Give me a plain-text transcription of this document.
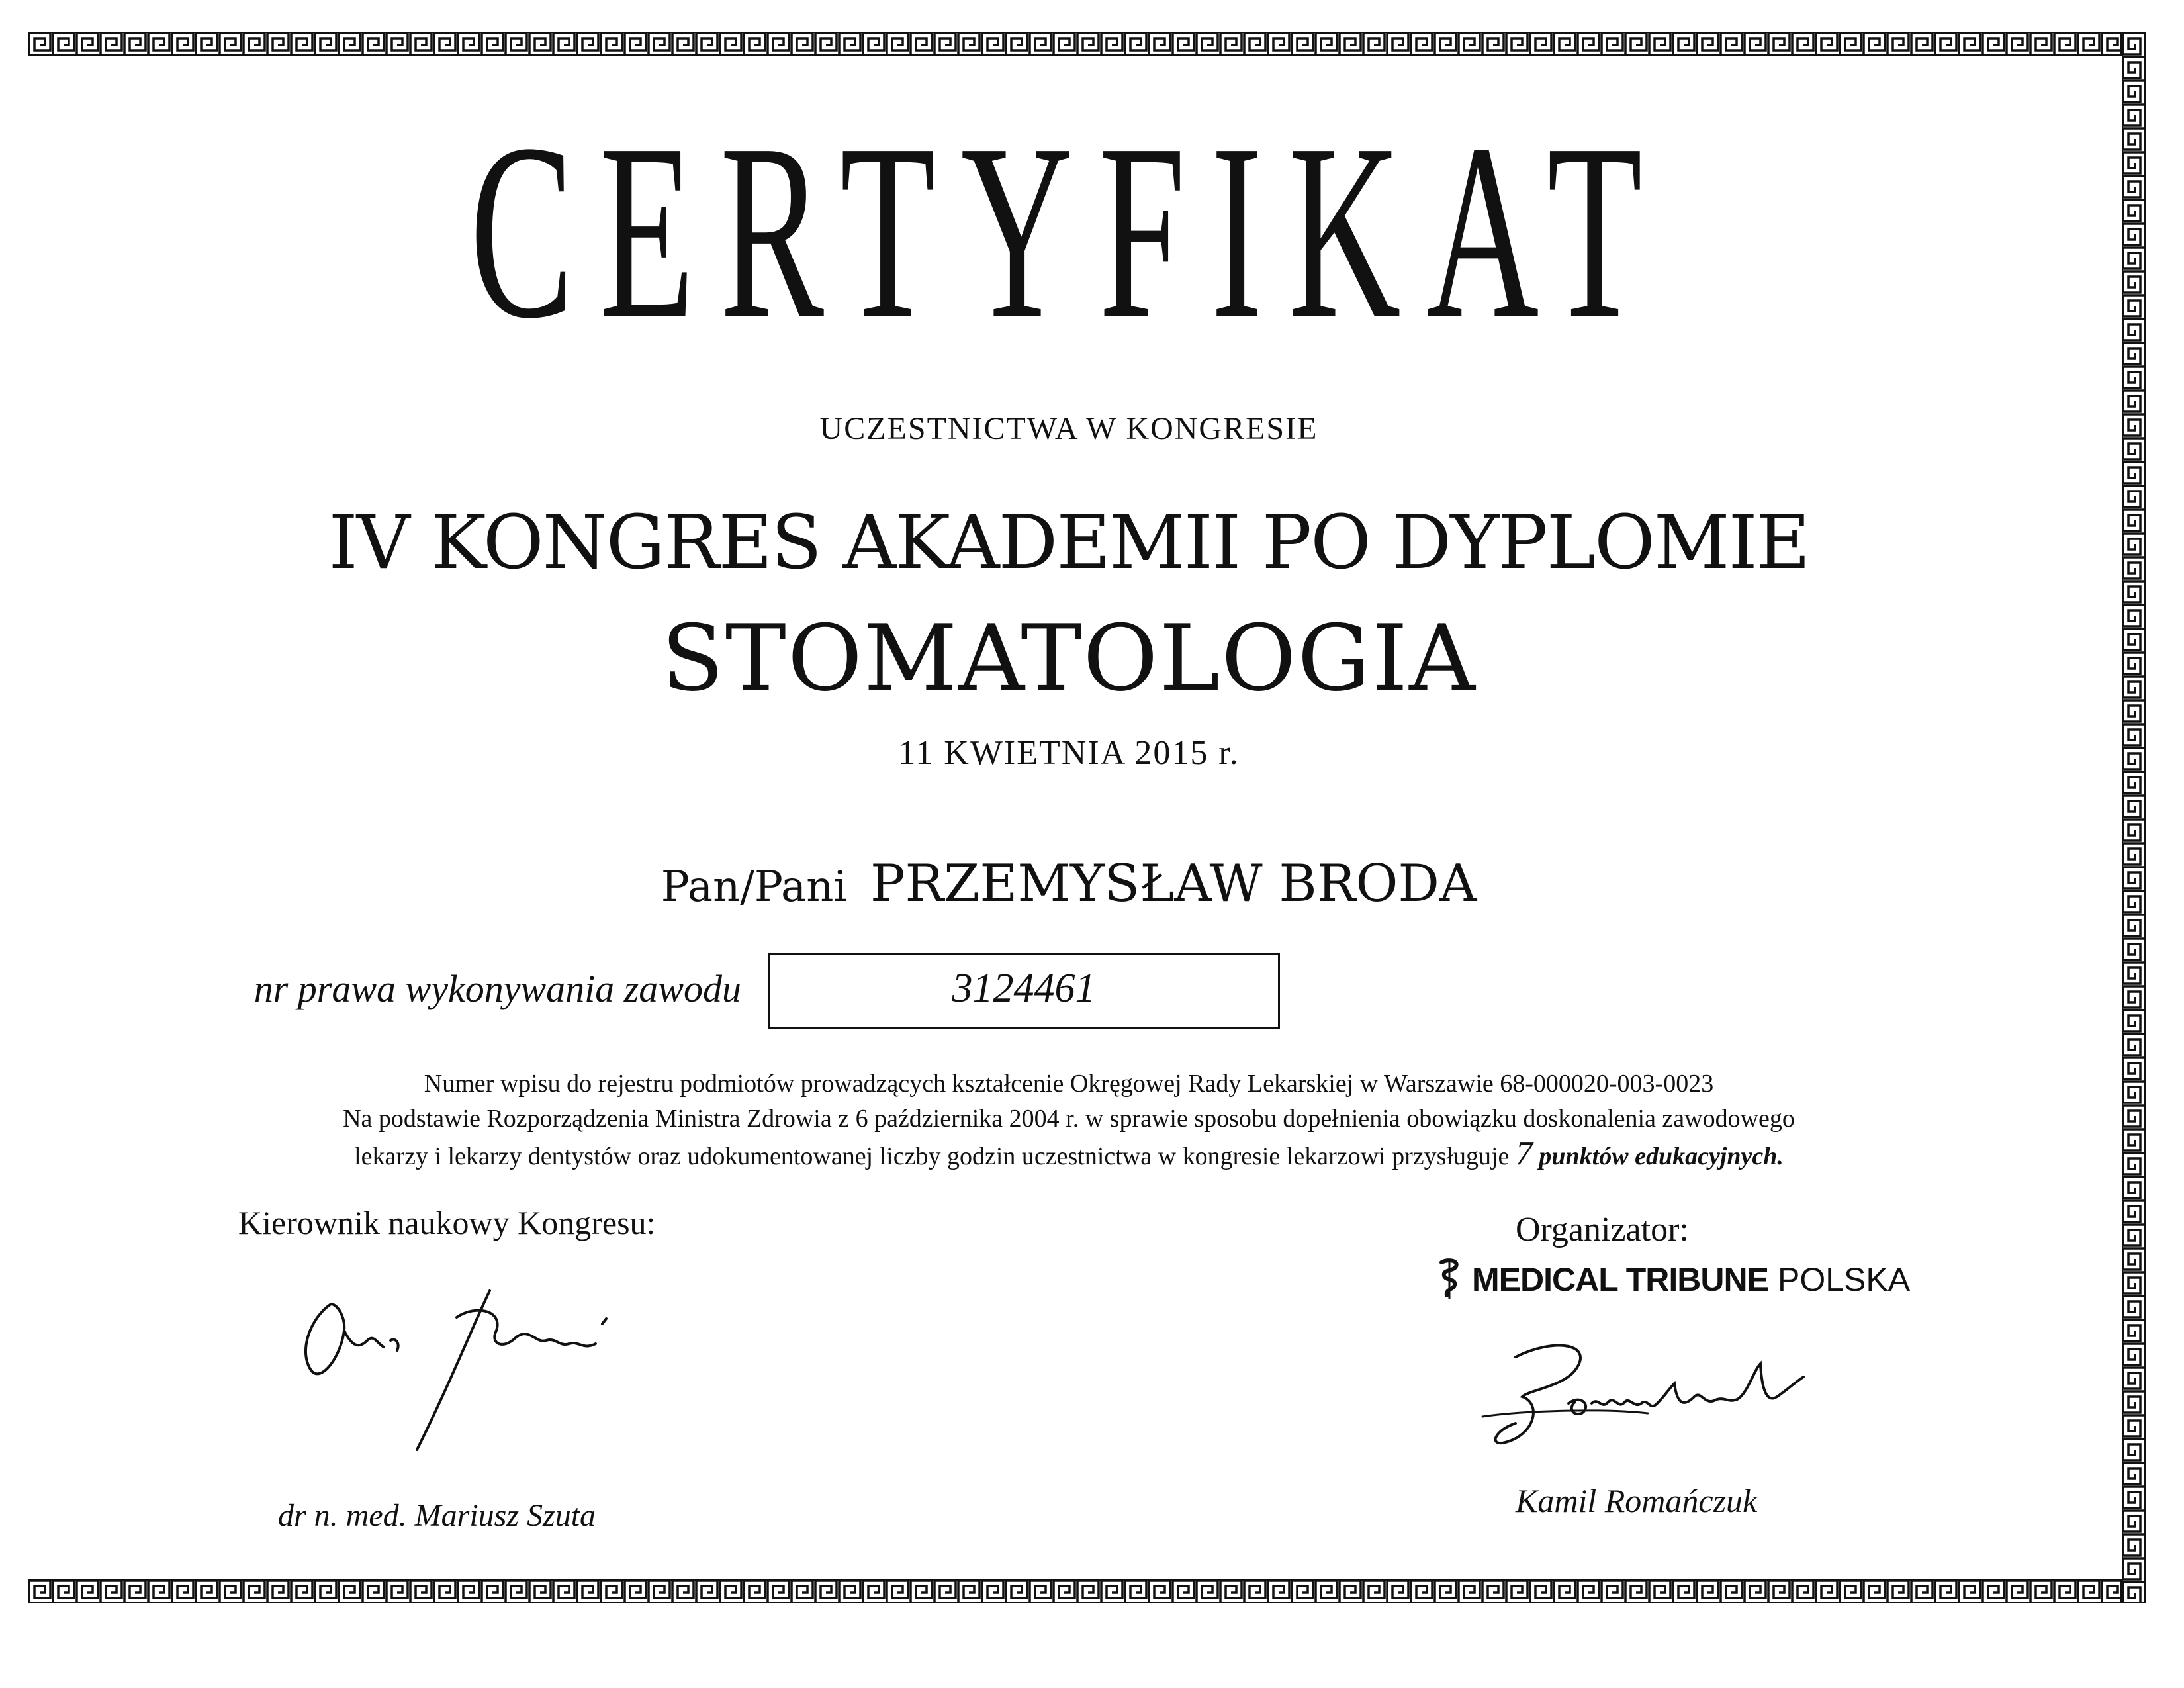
CERTYFIKAT
UCZESTNICTWA W KONGRESIE
IV KONGRES AKADEMII PO DYPLOMIE
STOMATOLOGIA
11 KWIETNIA 2015 r.
Pan/Pani PRZEMYSŁAW BRODA
nr prawa wykonywania zawodu	3124461
Numer wpisu do rejestru podmiotów prowadzących kształcenie Okręgowej Rady Lekarskiej w Warszawie 68-000020-003-0023
Na podstawie Rozporządzenia Ministra Zdrowia z 6 października 2004 r. w sprawie sposobu dopełnienia obowiązku doskonalenia zawodowego
lekarzy i lekarzy dentystów oraz udokumentowanej liczby godzin uczestnictwa w kongresie lekarzowi przysługuje 7 punktów edukacyjnych.
Kierownik naukowy Kongresu:	Organizator:
MEDICAL TRIBUNE POLSKA
dr n. med. Mariusz Szuta	Kamil Romańczuk
